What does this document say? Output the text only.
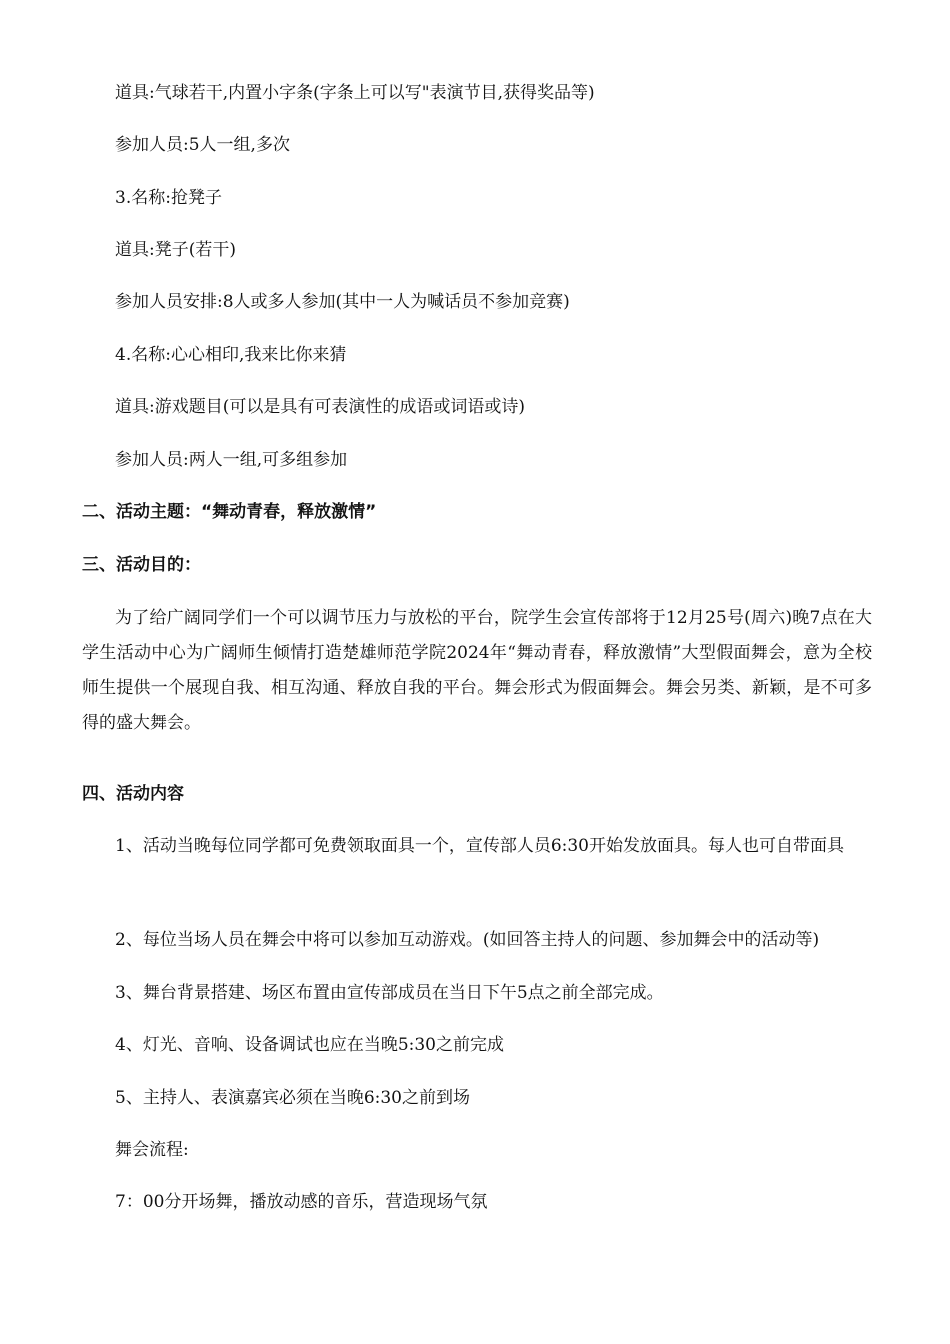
道具:气球若干,内置小字条(字条上可以写"表演节目,获得奖品等)
参加人员:5人一组,多次
3.名称:抢凳子
道具:凳子(若干)
参加人员安排:8人或多人参加(其中一人为喊话员不参加竞赛)
4.名称:心心相印,我来比你来猜
道具:游戏题目(可以是具有可表演性的成语或词语或诗)
参加人员:两人一组,可多组参加
二、活动主题：“舞动青春，释放激情”
三、活动目的：
为了给广阔同学们一个可以调节压力与放松的平台，院学生会宣传部将于12月25号(周六)晚7点在大学生活动中心为广阔师生倾情打造楚雄师范学院2024年“舞动青春，释放激情”大型假面舞会，意为全校师生提供一个展现自我、相互沟通、释放自我的平台。舞会形式为假面舞会。舞会另类、新颖，是不可多得的盛大舞会。
四、活动内容
1、活动当晚每位同学都可免费领取面具一个，宣传部人员6:30开始发放面具。每人也可自带面具
2、每位当场人员在舞会中将可以参加互动游戏。(如回答主持人的问题、参加舞会中的活动等)
3、舞台背景搭建、场区布置由宣传部成员在当日下午5点之前全部完成。
4、灯光、音响、设备调试也应在当晚5:30之前完成
5、主持人、表演嘉宾必须在当晚6:30之前到场
舞会流程:
7：00分开场舞，播放动感的音乐，营造现场气氛
